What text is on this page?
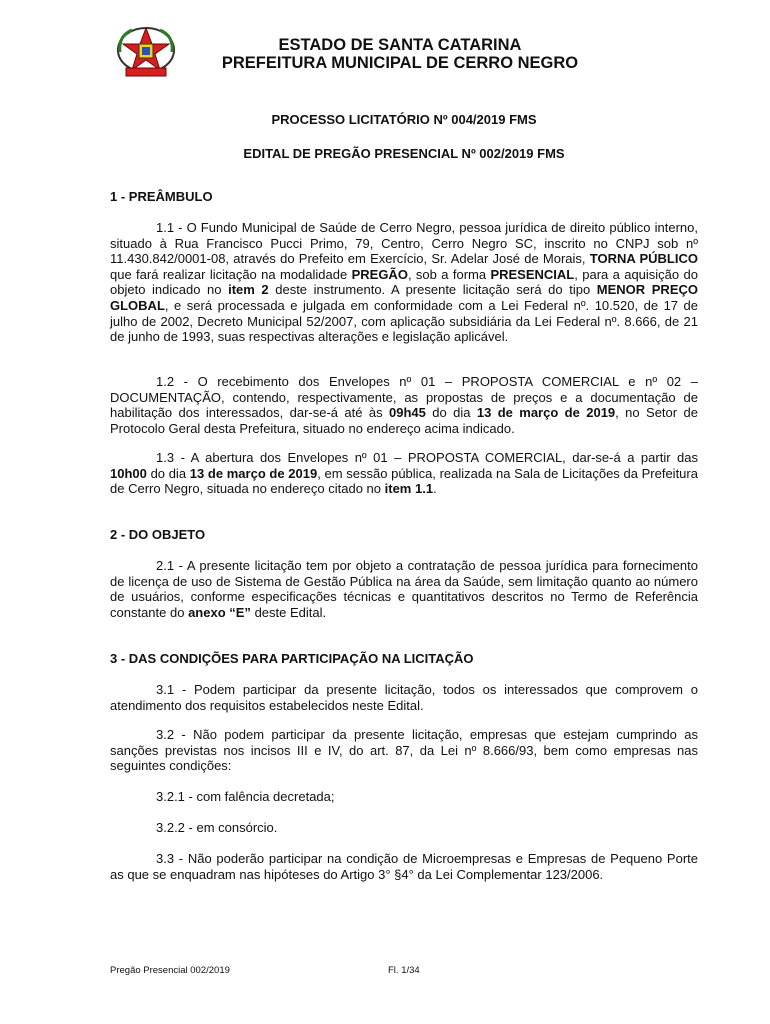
ESTADO DE SANTA CATARINA
PREFEITURA MUNICIPAL DE CERRO NEGRO
PROCESSO LICITATÓRIO Nº 004/2019 FMS
EDITAL DE PREGÃO PRESENCIAL Nº 002/2019 FMS
1 - PREÂMBULO
1.1 - O Fundo Municipal de Saúde de Cerro Negro, pessoa jurídica de direito público interno, situado à Rua Francisco Pucci Primo, 79, Centro, Cerro Negro SC, inscrito no CNPJ sob nº 11.430.842/0001-08, através do Prefeito em Exercício, Sr. Adelar José de Morais, TORNA PÚBLICO que fará realizar licitação na modalidade PREGÃO, sob a forma PRESENCIAL, para a aquisição do objeto indicado no item 2 deste instrumento. A presente licitação será do tipo MENOR PREÇO GLOBAL, e será processada e julgada em conformidade com a Lei Federal nº. 10.520, de 17 de julho de 2002, Decreto Municipal 52/2007, com aplicação subsidiária da Lei Federal nº. 8.666, de 21 de junho de 1993, suas respectivas alterações e legislação aplicável.
1.2 - O recebimento dos Envelopes nº 01 – PROPOSTA COMERCIAL e nº 02 – DOCUMENTAÇÃO, contendo, respectivamente, as propostas de preços e a documentação de habilitação dos interessados, dar-se-á até às 09h45 do dia 13 de março de 2019, no Setor de Protocolo Geral desta Prefeitura, situado no endereço acima indicado.
1.3 - A abertura dos Envelopes nº 01 – PROPOSTA COMERCIAL, dar-se-á a partir das 10h00 do dia 13 de março de 2019, em sessão pública, realizada na Sala de Licitações da Prefeitura de Cerro Negro, situada no endereço citado no item 1.1.
2 - DO OBJETO
2.1 - A presente licitação tem por objeto a contratação de pessoa jurídica para fornecimento de licença de uso de Sistema de Gestão Pública na área da Saúde, sem limitação quanto ao número de usuários, conforme especificações técnicas e quantitativos descritos no Termo de Referência constante do anexo “E” deste Edital.
3 - DAS CONDIÇÕES PARA PARTICIPAÇÃO NA LICITAÇÃO
3.1 - Podem participar da presente licitação, todos os interessados que comprovem o atendimento dos requisitos estabelecidos neste Edital.
3.2 - Não podem participar da presente licitação, empresas que estejam cumprindo as sanções previstas nos incisos III e IV, do art. 87, da Lei nº 8.666/93, bem como empresas nas seguintes condições:
3.2.1 - com falência decretada;
3.2.2 - em consórcio.
3.3 - Não poderão participar na condição de Microempresas e Empresas de Pequeno Porte as que se enquadram nas hipóteses do Artigo 3° §4° da Lei Complementar 123/2006.
Pregão Presencial 002/2019	Fl. 1/34
